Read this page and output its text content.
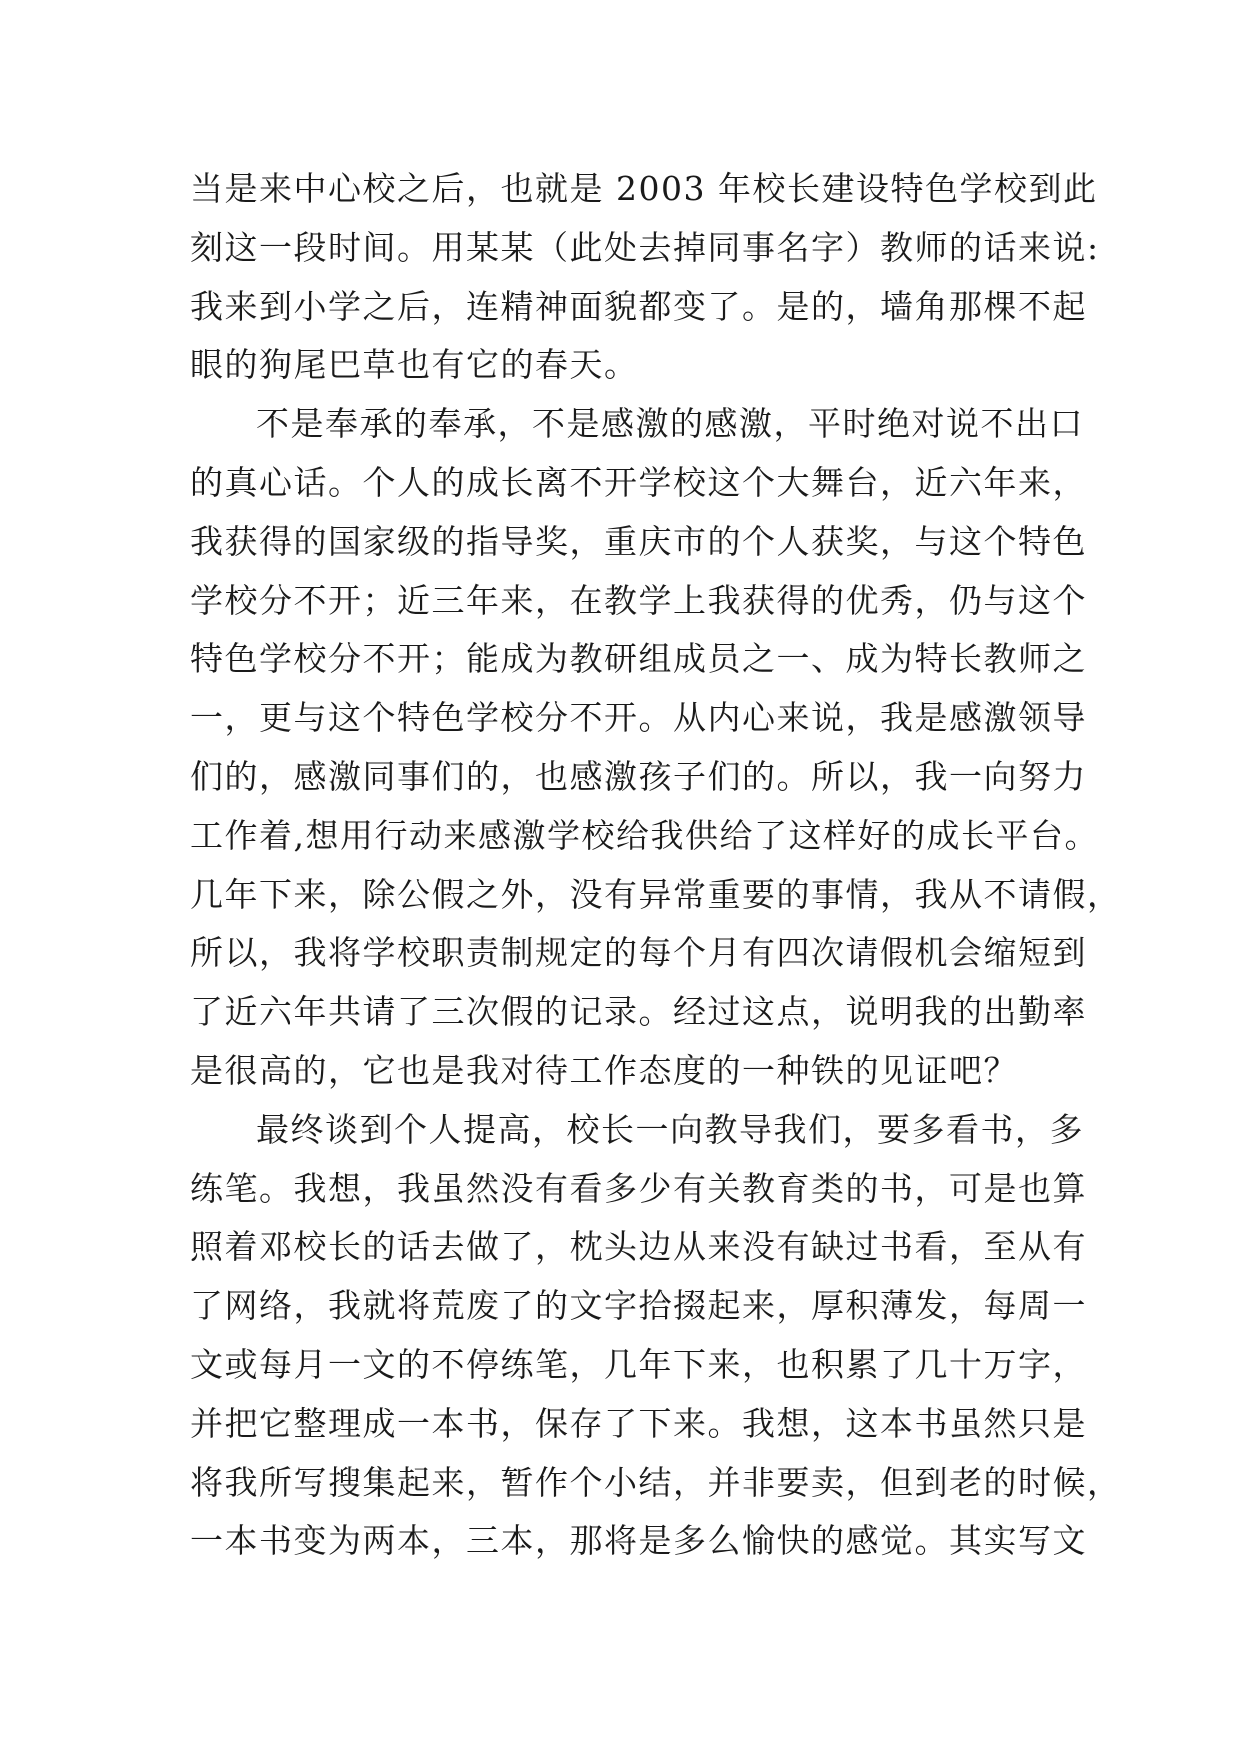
当是来中心校之后，也就是 2003 年校长建设特色学校到此
刻这一段时间。用某某（此处去掉同事名字）教师的话来说:
我来到小学之后，连精神面貌都变了。是的，墙角那棵不起
眼的狗尾巴草也有它的春天。
不是奉承的奉承，不是感激的感激，平时绝对说不出口
的真心话。个人的成长离不开学校这个大舞台，近六年来，
我获得的国家级的指导奖，重庆市的个人获奖，与这个特色
学校分不开；近三年来，在教学上我获得的优秀，仍与这个
特色学校分不开；能成为教研组成员之一、成为特长教师之
一，更与这个特色学校分不开。从内心来说，我是感激领导
们的，感激同事们的，也感激孩子们的。所以，我一向努力
工作着,想用行动来感激学校给我供给了这样好的成长平台。
几年下来，除公假之外，没有异常重要的事情，我从不请假，
所以，我将学校职责制规定的每个月有四次请假机会缩短到
了近六年共请了三次假的记录。经过这点，说明我的出勤率
是很高的，它也是我对待工作态度的一种铁的见证吧？
最终谈到个人提高，校长一向教导我们，要多看书，多
练笔。我想，我虽然没有看多少有关教育类的书，可是也算
照着邓校长的话去做了，枕头边从来没有缺过书看，至从有
了网络，我就将荒废了的文字拾掇起来，厚积薄发，每周一
文或每月一文的不停练笔，几年下来，也积累了几十万字，
并把它整理成一本书，保存了下来。我想，这本书虽然只是
将我所写搜集起来，暂作个小结，并非要卖，但到老的时候，
一本书变为两本，三本，那将是多么愉快的感觉。其实写文
